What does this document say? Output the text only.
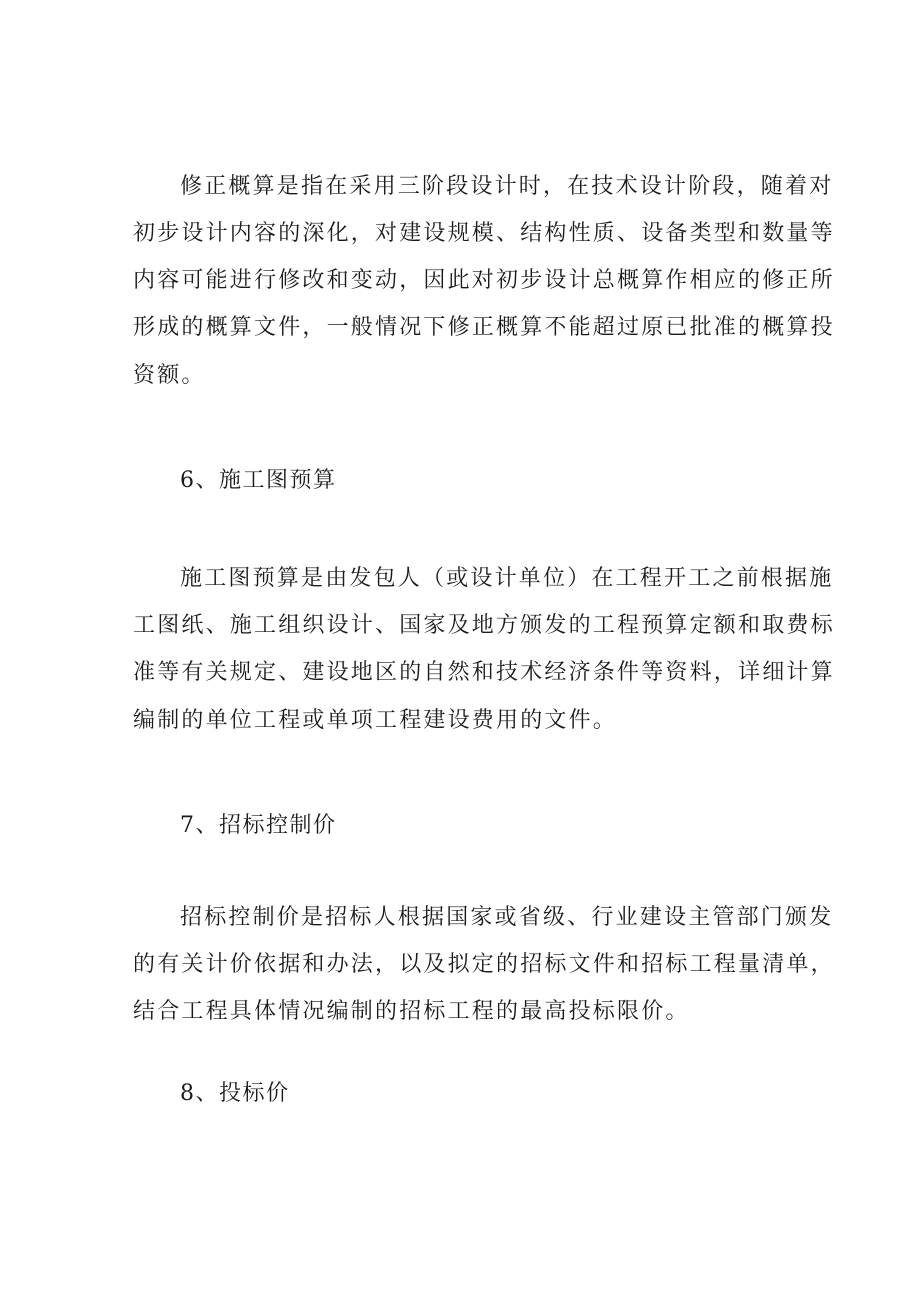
修正概算是指在采用三阶段设计时，在技术设计阶段，随着对
初步设计内容的深化，对建设规模、结构性质、设备类型和数量等
内容可能进行修改和变动，因此对初步设计总概算作相应的修正所
形成的概算文件，一般情况下修正概算不能超过原已批准的概算投
资额。
6、施工图预算
施工图预算是由发包人（或设计单位）在工程开工之前根据施
工图纸、施工组织设计、国家及地方颁发的工程预算定额和取费标
准等有关规定、建设地区的自然和技术经济条件等资料，详细计算
编制的单位工程或单项工程建设费用的文件。
7、招标控制价
招标控制价是招标人根据国家或省级、行业建设主管部门颁发
的有关计价依据和办法，以及拟定的招标文件和招标工程量清单，
结合工程具体情况编制的招标工程的最高投标限价。
8、投标价
